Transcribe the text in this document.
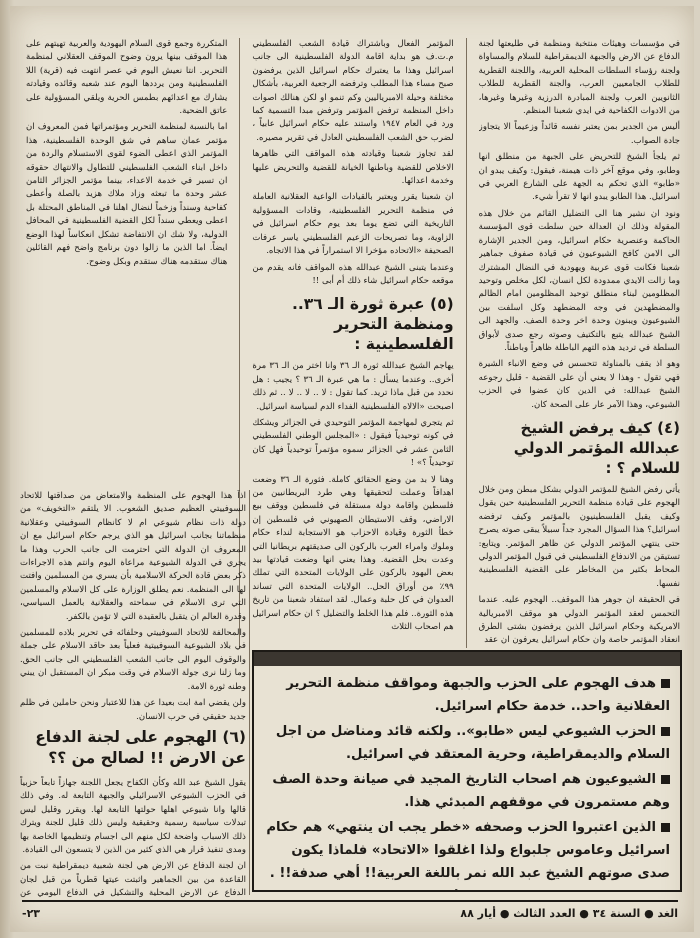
في مؤسسات وهيئات منتخبة ومنظمة في طليعتها لجنة الدفاع عن الارض والجبهة الديمقراطية للسلام والمساواة ولجنة رؤساء السلطات المحلية العربية، واللجنة القطرية للطلاب الجامعيين العرب، والجنة القطرية للطلاب الثانويين العرب ولجنة المبادرة الدرزية وغيرها وغيرها، من الادوات الكفاحية في ايدي شعبنا المنظم.

أليس من الجدير بمن يعتبر نفسه قائداً وزعيماً الا يتجاوز جادة الصواب.

ثم يلجأ الشيخ للتحريض على الجبهة من منطلق انها وطابو، وفي موقع آخر ذات هيمنة، فيقول: وكيف يبدو ان «طابو» الذي تحكم به الجهة على الشارع العربي في اسرائيل. هذا الطابو يبدو انها لا تقرأ شيء.

ونود ان نشير هنا الى التضليل القائم من خلال هذه المقولة وذلك ان العدالة حين سلطت قوى المؤسسة الحاكمة وعنصرية حكام اسرائيل، ومن الجدير الإشارة الى الامن كافح الشيوعيون في قيادة صفوف جماهير شعبنا فكانت قوى عربية ويهودية في النضال المشترك وما زالت الايدي ممدودة لكل انسان، لكل مخلص وتوحيد المظلومين لبناء منطلق توحيد المظلومين امام الظالم والمضطهدين في وجه المضطهد وكل اسلفت بين الشيوعيون ويبنون وحدة اخر وحدة الصف. والجهد الى الشيخ عبدالله يتبع بالتكتيف وصوته رجع صدى لأبواق السلطة في ترديد هذه التهم الباطلة ظاهراً وباطناً.

وهو اذ يقف بالمناوئة تتحسس في وضع الانباء الشيرة فهي تقول - وهذا لا يعني أن على القضية - قليل رجوعه الشيخ عبدالله: في الدين كان عضوا في الحزب الشيوعي، وهذا الآمر عار على الصحة كان.

(٤) كيف يرفض الشيخ عبدالله المؤتمر الدولي للسلام ؟ :

يأتي رفض الشيخ للمؤتمر الدولي بشكل مبطن ومن خلال الهجوم على قيادة منظمة التحرير الفلسطينية حين يقول وكيف يقبل الفلسطينيون بالمؤتمر وكيف ترفضه اسرائيل؟ هذا السؤال المجرد جداً سبيلاً يبقى صوته يصرح حتى ينتهي المؤتمر الدولي عن ظاهر المؤتمر. ويتابع: تستيقن من الاندفاع الفلسطيني في قبول المؤتمر الدولي المحاط بكثير من المخاطر على القضية الفلسطينية نفسها.

في الحقيقة ان جوهر هذا الموقف.. الهجوم عليه. عندما التحمس لعقد المؤتمر الدولي هو موقف الامبريالية الامريكية وحكام اسرائيل الذين يرفضون بشتى الطرق انعقاد المؤتمر حاصة وان حكام اسرائيل يعرفون ان عقد

المؤتمر الفعال وباشتراك قيادة الشعب الفلسطيني م.ت.ف هو بداية اقامة الدولة الفلسطينية الى جانب اسرائيل وهذا ما يعتبرك حكام اسرائيل الذين يرفضون صبح مساء هذا المطلب وترفضه الرجعية العربية، بأشكال مختلفة وحيلة الامبرياليين وكم تنمو او لكن هنالك اصوات داخل المنظمة ترفض المؤتمر وترفض مبدا التسمية كما ورد في العام ١٩٤٧ واستند عليه حكام اسرائيل عابياً ، لضرب حق الشعب الفلسطيني العادل في تقرير مصيره.

لقد تجاوز شعبنا وقيادته هذه المواقف التي ظاهرها الاخلاص للقضية وباطنها الخيانة للقضية والتحريض عليها وخدمة اعدائها.

ان شعبنا يقرر ويعتبر بالقيادات الواعية العقلانية العاملة في منظمة التحرير الفلسطينية، وقادات المسؤولية التاريخية التي تضع يوما بعد يوم حكام اسرائيل في الزاوية، وما تصريحات الزعيم الفلسطيني ياسر عرفات الصحيفة «الاتحاده مؤخرا الا استمراراً في هذا الاتجاه.

وعندما يتبنى الشيخ عبدالله هذه المواقف فانه يقدم من موقعه حكام اسرائيل شاء ذلك أم أبى !!

(٥) عبرة ثورة الـ ٣٦.. ومنظمة التحرير الفلسطينية :

يهاجم الشيخ عبدالله ثورة الـ ٣٦ وانا اختر من الـ ٣٦ مرة أخرى.. وعندما يسأل : ما هي عبرة الـ ٣٦ ؟ يجيب : هل نحدد من قبل ماذا تريد. كما تقول : لا .. لا .. لا .. ثم ذلك اصبحت «الالاه الفلسطينية الفداء الدم لسياسة اسرائيل.

ثم يتجري لمهاجمة المؤتمر التوحيدي في الجزائر ويشكك في كونه توحيدياً فيقول : «المجلس الوطني الفلسطيني الثامن عشر في الجزائر سموه مؤتمراً توحيدياً فهل كان توحيدياً ؟» !

وهنا لا بد من وضع الحقائق كاملة. فثورة الـ ٣٦ وضعت اهدافاً وعملت لتحقيقها وهي طرد البريطانيين من فلسطين واقامة دولة مستقلة في فلسطين ووقف بيع الاراضي، وقف الاستيطان الصهيوني في فلسطين إن خطأ الثورة وقيادة الاحزاب هو الاستجابة لنداء حكام وملوك وامراء العرب بالركون الى صديقتهم بريطانيا التي وعدت بحل القضية. وهذا يعني انها وضعت قيادتها بيد بعض اليهود بالركون على الولايات المتحدة التي تملك ٩٩٪ من أوراق الحل.. الولايات المتحدة التي تساند العدوان في كل حلبة وعمال. لقد استفاد شعبنا من تاريخ هذه الثورة.. فلم هذا الخلط والتضليل ؟ ان حكام اسرائيل هم اصحاب الثلاث

المتكررة وجمع قوى السلام اليهودية والعربية تهيتهم على هذا الموقف بينها يرون وضوح الموقف العقلاني لمنظمة التحرير. انتا نعيش اليوم في عصر انتهت فيه (قرية) اللا الفلسطينية ومن يرددها اليوم عند شعبه وقائده وقيادته يشارك مع اعدائهم بطمس الحرية ويلقي المسؤولية على عاتق الضحية.

اما بالنسبة لمنظمة التحرير ومؤتمراتها فمن المعروف ان مؤتمر عمان ساهم في شق الوحدة الفلسطينية، هذا المؤتمر الذي اعطى الضوء لقوى الاستسلام والردة من داخل ابناء الشعب الفلسطيني للتطاول والانتهاك حقوقه ان تسير في خدمة الاعداء، بينما مؤتمر الجزائر الثامن عشر وحدة ما تبعثه وزاد ملاك هزيد بالصلة وأعطى كفاحية وسنداً وزخماً لنضال اهلنا في المناطق المحتلة بل اعطى ويعطي سنداً لكل القضية الفلسطينية في المحافل الدولية، ولا شك ان الانتفاضة تشكل انعكاساً لهذا الوضع ايضاً. اما الذين ما زالوا دون برنامج واضح فهم القائلين هناك ستقدمه هناك ستقدم وبكل وضوح.

اذاً هذا الهجوم على المنظمة والامتعاض من صداقتها للاتحاد السوفييتي العظيم صديق الشعوب. الا يلتقم «التخويف» من دولة ذات نظام شيوعي ام لا كانظام السوفييتي وعقلانية منظماتنا بجانب اسرائيل هو الذي يرجم حكام اسرائيل مع ان المعروف ان الدولة التي احترمت الى جانب الحرب وهذا ما يجري في الدولة الشيوعية مراعاة اليوم وانتم هذه الاجراءات ذكر بعض قادة الحركة الاسلامية بأن يسري من المسلمين وافتت لها الى المنظمة. نعم يطلق الوزارة على كل الاسلام والمسلمين التي ترى الاسلام في سماحته والعقلانية بالعمل السياسي، وقدرة العالم ان يتقبل بالعقيدة التي لا تؤمن بالكفر.

والمحالفة للاتحاد السوفييتي وحلفائه في تحرير بلاده للمسلمين في بلاد الشيوعية السوفييتية فعلياً بعد حاقد الاسلام على جملة والوقوف اليوم الى جانب الشعب الفلسطيني الى جانب الحق. وما زلنا نرى جولة الاسلام في وقت مبكر ان المستقبل ان يبني وطنه ثورة الامة.

ولن يقضي امة ابت بعيدا عن هذا للاعتبار ونحن حاملين في ظلم جديد حقيقي في حرب الانسان.

(٦) الهجوم على لجنة الدفاع عن الارض !! لصالح من ؟؟

يقول الشيخ عبد الله وكأن الكفاح يجعل اللجنة جهازاً تابعاً حزبياً في الحزب الشيوعي الاسرائيلي والجبهة التابعة له. وفي ذلك قالها وانا شيوعي اهلها حولتها التابعة لها. ويقرر وقليل ليس تبدلات سياسية رسمية وحقيقية وليس ذلك قليل للجنة ويترك ذلك الاسباب واضحة لكل منهم الى اجسام وتنظيمها الخاصة بها ومدى تنفيذ قرار هي الذي كثير من الذين لا يتسعون الى القيادة.

ان لجنة الدفاع عن الارض هي لجنة شعبية ديمقراطية نبت من القاعدة من بين الجماهير واثبتت عيتها قطرياً من قبل لجان الدفاع عن الارض المحلية والتشكيل في الدفاع اليومي عن

هدف الهجوم على الحزب والجبهة ومواقف منظمة التحرير العقلانية واحد.. خدمة حكام اسرائيل.

الحزب الشيوعي ليس «طابو».. ولكنه قائد ومناضل من اجل السلام والديمقراطية، وحرية المعتقد في اسرائيل.

الشيوعيون هم اصحاب التاريخ المجيد في صيانة وحدة الصف وهم مستمرون في موقفهم المبدئي هذا.

الذين اعتبروا الحزب وصحفه «خطر يجب ان ينتهي» هم حكام اسرائيل وعاموس جلبواع ولذا اغلقوا «الاتحاد» فلماذا يكون صدى صوتهم الشيخ عبد الله نمر باللغة العربية!! أهي صدفة!! .

الغد ● السنة ٣٤ ● العدد الثالث ● أيار ٨٨
-٢٣
